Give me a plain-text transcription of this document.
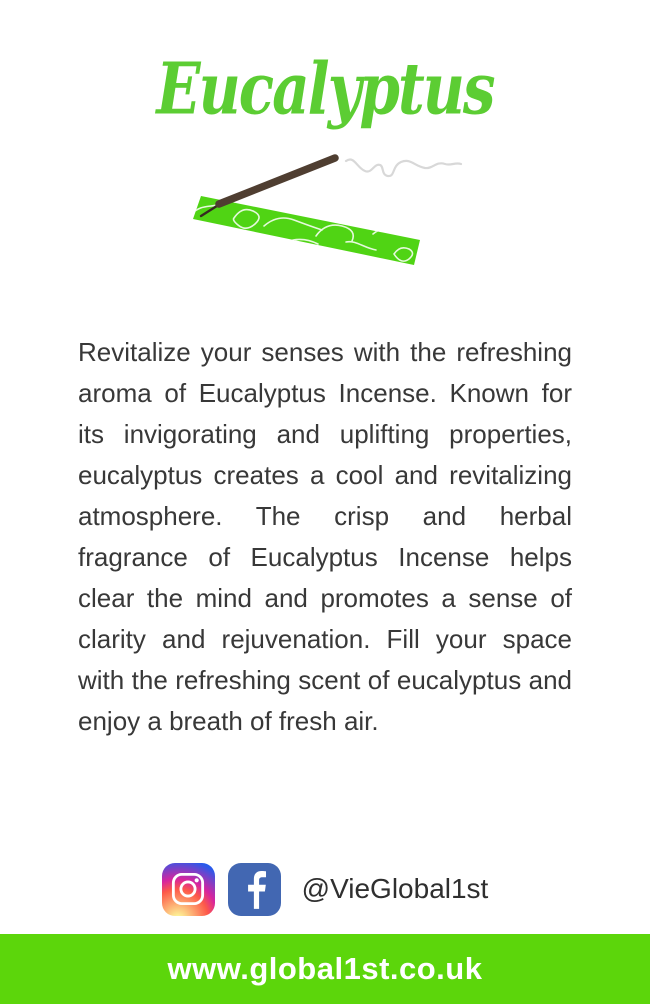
Eucalyptus

Revitalize your senses with the refreshing aroma of Eucalyptus Incense. Known for its invigorating and uplifting properties, eucalyptus creates a cool and revitalizing atmosphere. The crisp and herbal fragrance of Eucalyptus Incense helps clear the mind and promotes a sense of clarity and rejuvenation. Fill your space with the refreshing scent of eucalyptus and enjoy a breath of fresh air.

@VieGlobal1st
www.global1st.co.uk
